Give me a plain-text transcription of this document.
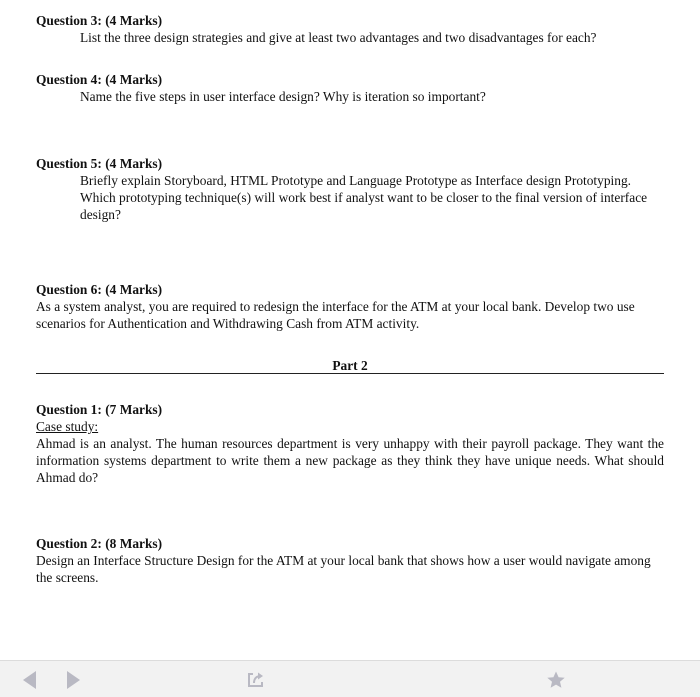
Question 3: (4 Marks)
List the three design strategies and give at least two advantages and two disadvantages for each?
Question 4: (4 Marks)
Name the five steps in user interface design? Why is iteration so important?
Question 5: (4 Marks)
Briefly explain Storyboard, HTML Prototype and Language Prototype as Interface design Prototyping. Which prototyping technique(s) will work best if analyst want to be closer to the final version of interface design?
Question 6: (4 Marks)
As a system analyst, you are required to redesign the interface for the ATM at your local bank. Develop two use scenarios for Authentication and Withdrawing Cash from ATM activity.
Part 2
Question 1: (7 Marks)
Case study:
Ahmad is an analyst. The human resources department is very unhappy with their payroll package. They want the information systems department to write them a new package as they think they have unique needs. What should Ahmad do?
Question 2: (8 Marks)
Design an Interface Structure Design for the ATM at your local bank that shows how a user would navigate among the screens.
